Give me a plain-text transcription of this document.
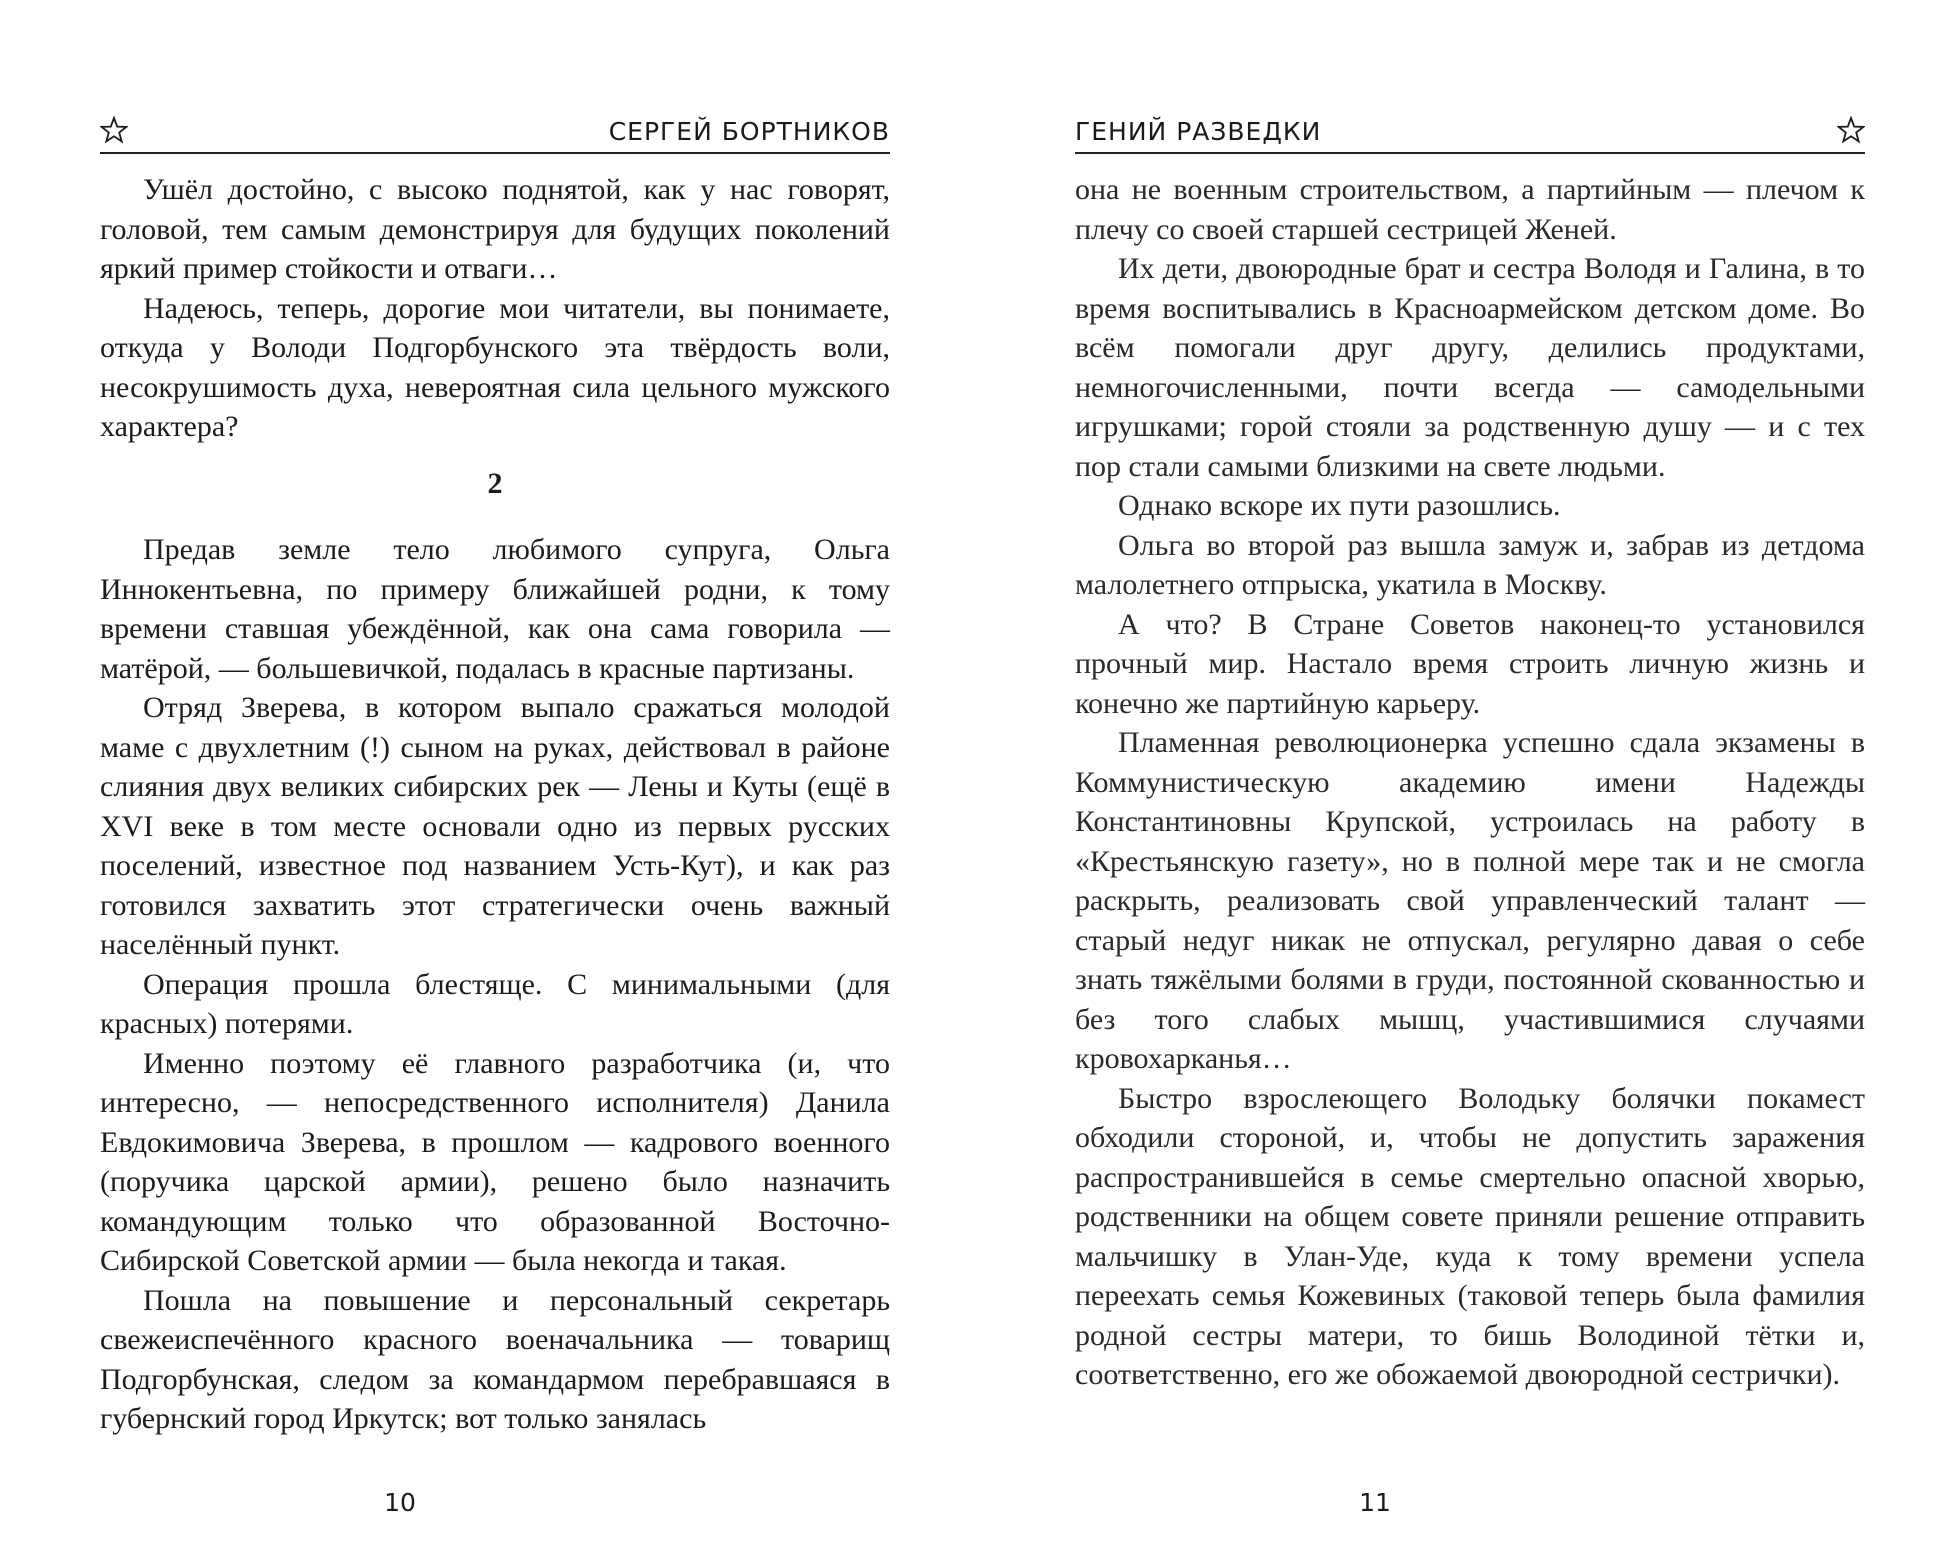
СЕРГЕЙ БОРТНИКОВ

Ушёл достойно, с высоко поднятой, как у нас говорят, головой, тем самым демонстрируя для будущих поколений яркий пример стойкости и отваги…

Надеюсь, теперь, дорогие мои читатели, вы понимаете, откуда у Володи Подгорбунского эта твёрдость воли, несокрушимость духа, невероятная сила цельного мужского характера?

2

Предав земле тело любимого супруга, Ольга Иннокентьевна, по примеру ближайшей родни, к тому времени ставшая убеждённой, как она сама говорила — матёрой, — большевичкой, подалась в красные партизаны.

Отряд Зверева, в котором выпало сражаться молодой маме с двухлетним (!) сыном на руках, действовал в районе слияния двух великих сибирских рек — Лены и Куты (ещё в XVI веке в том месте основали одно из первых русских поселений, известное под названием Усть-Кут), и как раз готовился захватить этот стратегически очень важный населённый пункт.

Операция прошла блестяще. С минимальными (для красных) потерями.

Именно поэтому её главного разработчика (и, что интересно, — непосредственного исполнителя) Данила Евдокимовича Зверева, в прошлом — кадрового военного (поручика царской армии), решено было назначить командующим только что образованной Восточно-Сибирской Советской армии — была некогда и такая.

Пошла на повышение и персональный секретарь свежеиспечённого красного военачальника — товарищ Подгорбунская, следом за командармом перебравшаяся в губернский город Иркутск; вот только занялась

10
ГЕНИЙ РАЗВЕДКИ

она не военным строительством, а партийным — плечом к плечу со своей старшей сестрицей Женей.

Их дети, двоюродные брат и сестра Володя и Галина, в то время воспитывались в Красноармейском детском доме. Во всём помогали друг другу, делились продуктами, немногочисленными, почти всегда — самодельными игрушками; горой стояли за родственную душу — и с тех пор стали самыми близкими на свете людьми.

Однако вскоре их пути разошлись.

Ольга во второй раз вышла замуж и, забрав из детдома малолетнего отпрыска, укатила в Москву.

А что? В Стране Советов наконец-то установился прочный мир. Настало время строить личную жизнь и конечно же партийную карьеру.

Пламенная революционерка успешно сдала экзамены в Коммунистическую академию имени Надежды Константиновны Крупской, устроилась на работу в «Крестьянскую газету», но в полной мере так и не смогла раскрыть, реализовать свой управленческий талант — старый недуг никак не отпускал, регулярно давая о себе знать тяжёлыми болями в груди, постоянной скованностью и без того слабых мышц, участившимися случаями кровохарканья…

Быстро взрослеющего Володьку болячки покамест обходили стороной, и, чтобы не допустить заражения распространившейся в семье смертельно опасной хворью, родственники на общем совете приняли решение отправить мальчишку в Улан-Уде, куда к тому времени успела переехать семья Кожевиных (таковой теперь была фамилия родной сестры матери, то бишь Володиной тётки и, соответственно, его же обожаемой двоюродной сестрички).

11
